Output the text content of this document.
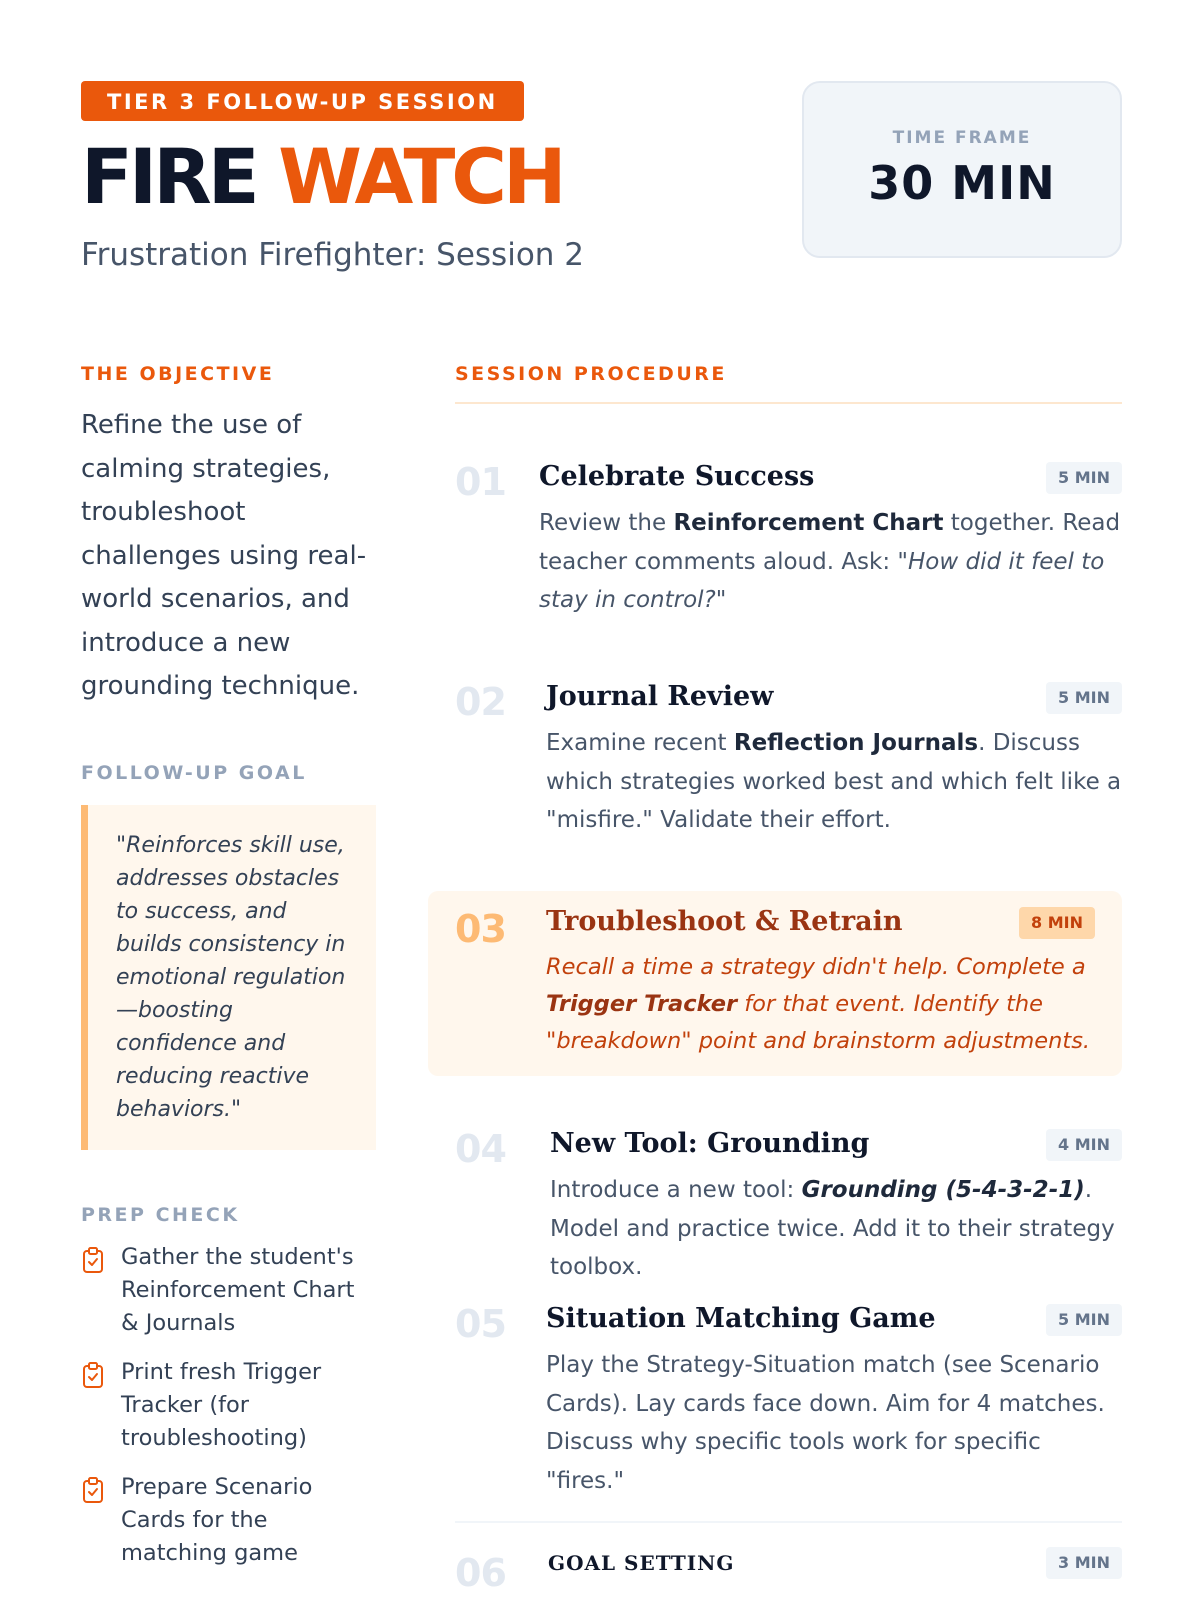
TIER 3 FOLLOW-UP SESSION
FIRE WATCH
Frustration Firefighter: Session 2
TIME FRAME
30 MIN
THE OBJECTIVE
Refine the use of calming strategies, troubleshoot challenges using real-world scenarios, and introduce a new grounding technique.
FOLLOW-UP GOAL
"Reinforces skill use, addresses obstacles to success, and builds consistency in emotional regulation—boosting confidence and reducing reactive behaviors."
PREP CHECK
Gather the student's Reinforcement Chart & Journals
Print fresh Trigger Tracker (for troubleshooting)
Prepare Scenario Cards for the matching game
SESSION PROCEDURE
01	5 MIN
Celebrate Success
Review the Reinforcement Chart together. Read teacher comments aloud. Ask: "How did it feel to stay in control?"
02	5 MIN
Journal Review
Examine recent Reflection Journals. Discuss which strategies worked best and which felt like a "misfire." Validate their effort.
03	8 MIN
Troubleshoot & Retrain
Recall a time a strategy didn't help. Complete a Trigger Tracker for that event. Identify the "breakdown" point and brainstorm adjustments.
04	4 MIN
New Tool: Grounding
Introduce a new tool: Grounding (5-4-3-2-1). Model and practice twice. Add it to their strategy toolbox.
05	5 MIN
Situation Matching Game
Play the Strategy-Situation match (see Scenario Cards). Lay cards face down. Aim for 4 matches. Discuss why specific tools work for specific "fires."
06	3 MIN
GOAL SETTING
